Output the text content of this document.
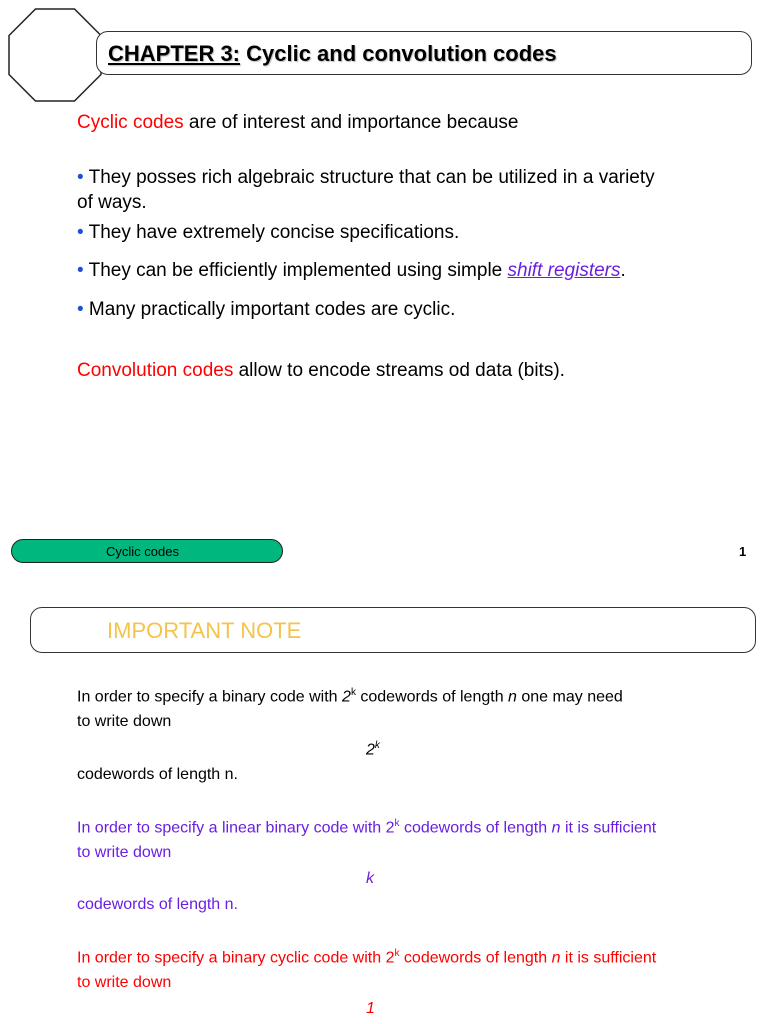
CHAPTER 3: Cyclic and convolution codes
Cyclic codes are of interest and importance because
• They posses rich algebraic structure that can be utilized in a variety
of ways.
• They have extremely concise specifications.
• They can be efficiently implemented using simple shift registers.
• Many practically important codes are cyclic.
Convolution codes allow to encode streams od data (bits).
Cyclic codes	1
IMPORTANT NOTE
In order to specify a binary code with 2$^k$ codewords of length n one may need
to write down
2$^k$
codewords of length n.
In order to specify a linear binary code with 2$^k$ codewords of length n it is sufficient
to write down
k
codewords of length n.
In order to specify a binary cyclic code with 2$^k$ codewords of length n it is sufficient
to write down
1
